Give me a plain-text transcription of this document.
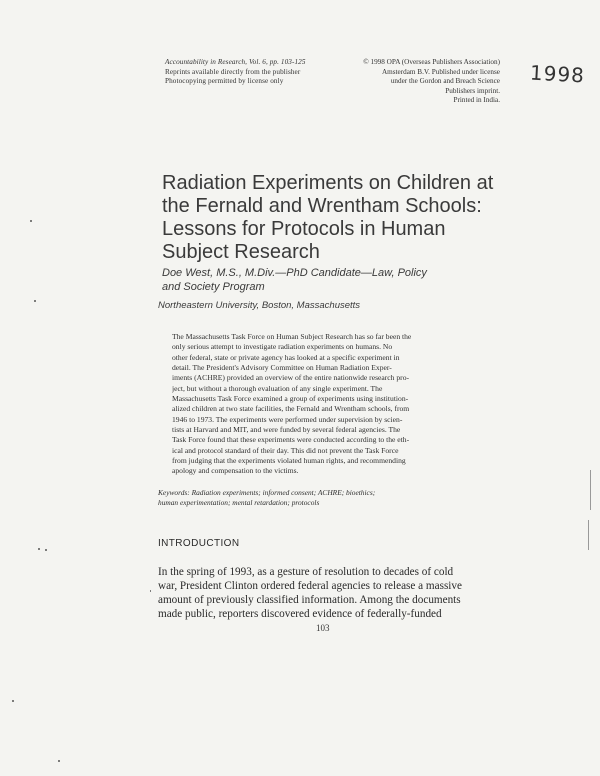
Accountability in Research, Vol. 6, pp. 103-125
Reprints available directly from the publisher
Photocopying permitted by license only
© 1998 OPA (Overseas Publishers Association)
Amsterdam B.V. Published under license
under the Gordon and Breach Science
Publishers imprint.
Printed in India.
1998
Radiation Experiments on Children at
the Fernald and Wrentham Schools:
Lessons for Protocols in Human
Subject Research
Doe West, M.S., M.Div.—PhD Candidate—Law, Policy
and Society Program
Northeastern University, Boston, Massachusetts
The Massachusetts Task Force on Human Subject Research has so far been the
only serious attempt to investigate radiation experiments on humans. No
other federal, state or private agency has looked at a specific experiment in
detail. The President's Advisory Committee on Human Radiation Exper-
iments (ACHRE) provided an overview of the entire nationwide research pro-
ject, but without a thorough evaluation of any single experiment. The
Massachusetts Task Force examined a group of experiments using institution-
alized children at two state facilities, the Fernald and Wrentham schools, from
1946 to 1973. The experiments were performed under supervision by scien-
tists at Harvard and MIT, and were funded by several federal agencies. The
Task Force found that these experiments were conducted according to the eth-
ical and protocol standard of their day. This did not prevent the Task Force
from judging that the experiments violated human rights, and recommending
apology and compensation to the victims.
Keywords: Radiation experiments; informed consent; ACHRE; bioethics;
human experimentation; mental retardation; protocols
INTRODUCTION
In the spring of 1993, as a gesture of resolution to decades of cold
war, President Clinton ordered federal agencies to release a massive
amount of previously classified information. Among the documents
made public, reporters discovered evidence of federally-funded
103
